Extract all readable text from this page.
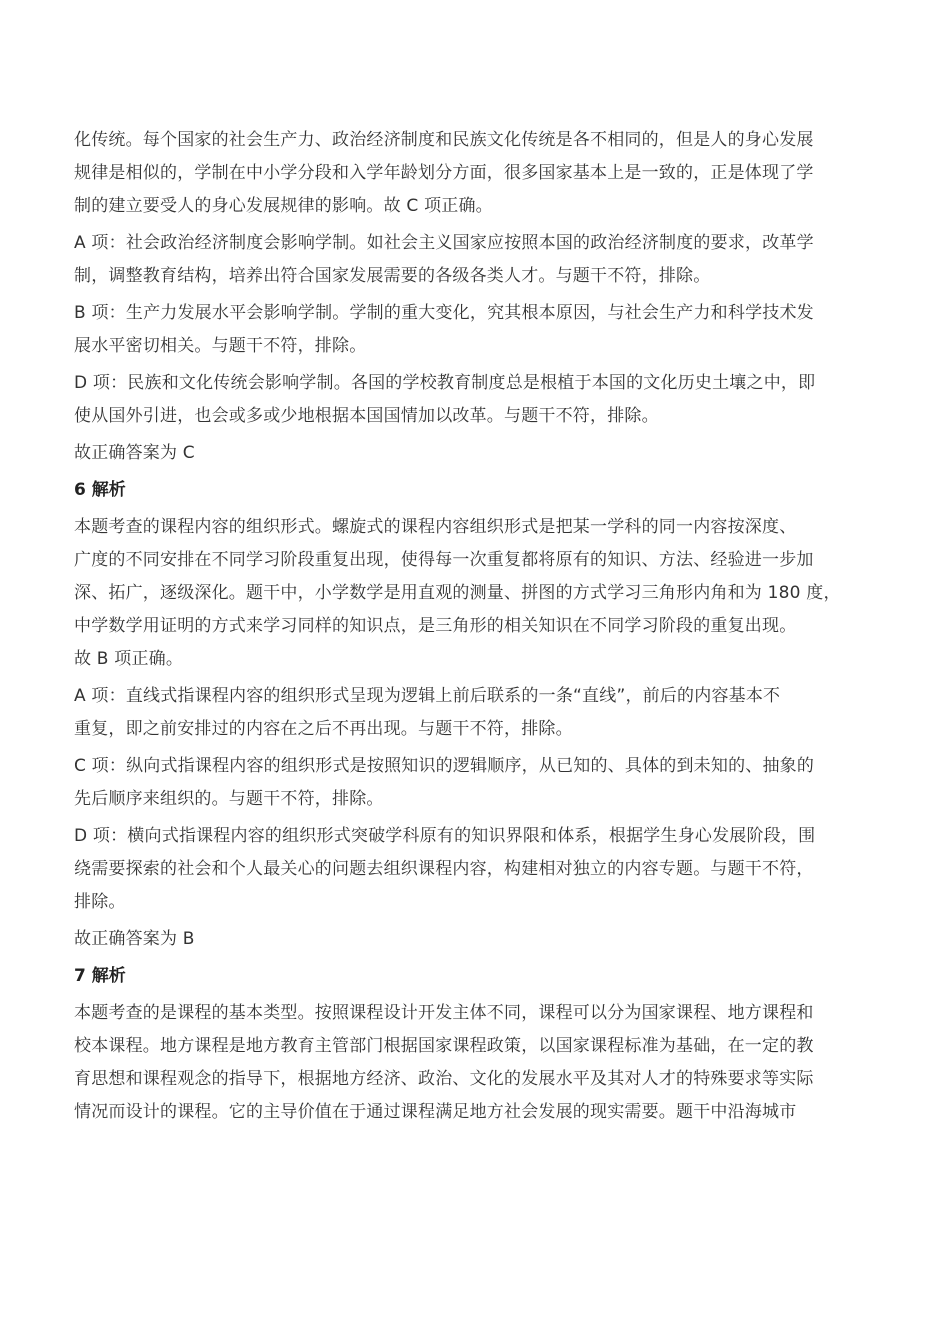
化传统。每个国家的社会生产力、政治经济制度和民族文化传统是各不相同的，但是人的身心发展
规律是相似的，学制在中小学分段和入学年龄划分方面，很多国家基本上是一致的，正是体现了学
制的建立要受人的身心发展规律的影响。故 C 项正确。
A 项：社会政治经济制度会影响学制。如社会主义国家应按照本国的政治经济制度的要求，改革学
制，调整教育结构，培养出符合国家发展需要的各级各类人才。与题干不符，排除。
B 项：生产力发展水平会影响学制。学制的重大变化，究其根本原因，与社会生产力和科学技术发
展水平密切相关。与题干不符，排除。
D 项：民族和文化传统会影响学制。各国的学校教育制度总是根植于本国的文化历史土壤之中，即
使从国外引进，也会或多或少地根据本国国情加以改革。与题干不符，排除。
故正确答案为 C
6 解析
本题考查的课程内容的组织形式。螺旋式的课程内容组织形式是把某一学科的同一内容按深度、
广度的不同安排在不同学习阶段重复出现，使得每一次重复都将原有的知识、方法、经验进一步加
深、拓广，逐级深化。题干中，小学数学是用直观的测量、拼图的方式学习三角形内角和为 180 度，
中学数学用证明的方式来学习同样的知识点，是三角形的相关知识在不同学习阶段的重复出现。
故 B 项正确。
A 项：直线式指课程内容的组织形式呈现为逻辑上前后联系的一条“直线”，前后的内容基本不
重复，即之前安排过的内容在之后不再出现。与题干不符，排除。
C 项：纵向式指课程内容的组织形式是按照知识的逻辑顺序，从已知的、具体的到未知的、抽象的
先后顺序来组织的。与题干不符，排除。
D 项：横向式指课程内容的组织形式突破学科原有的知识界限和体系，根据学生身心发展阶段，围
绕需要探索的社会和个人最关心的问题去组织课程内容，构建相对独立的内容专题。与题干不符，
排除。
故正确答案为 B
7 解析
本题考查的是课程的基本类型。按照课程设计开发主体不同，课程可以分为国家课程、地方课程和
校本课程。地方课程是地方教育主管部门根据国家课程政策，以国家课程标准为基础，在一定的教
育思想和课程观念的指导下，根据地方经济、政治、文化的发展水平及其对人才的特殊要求等实际
情况而设计的课程。它的主导价值在于通过课程满足地方社会发展的现实需要。题干中沿海城市
